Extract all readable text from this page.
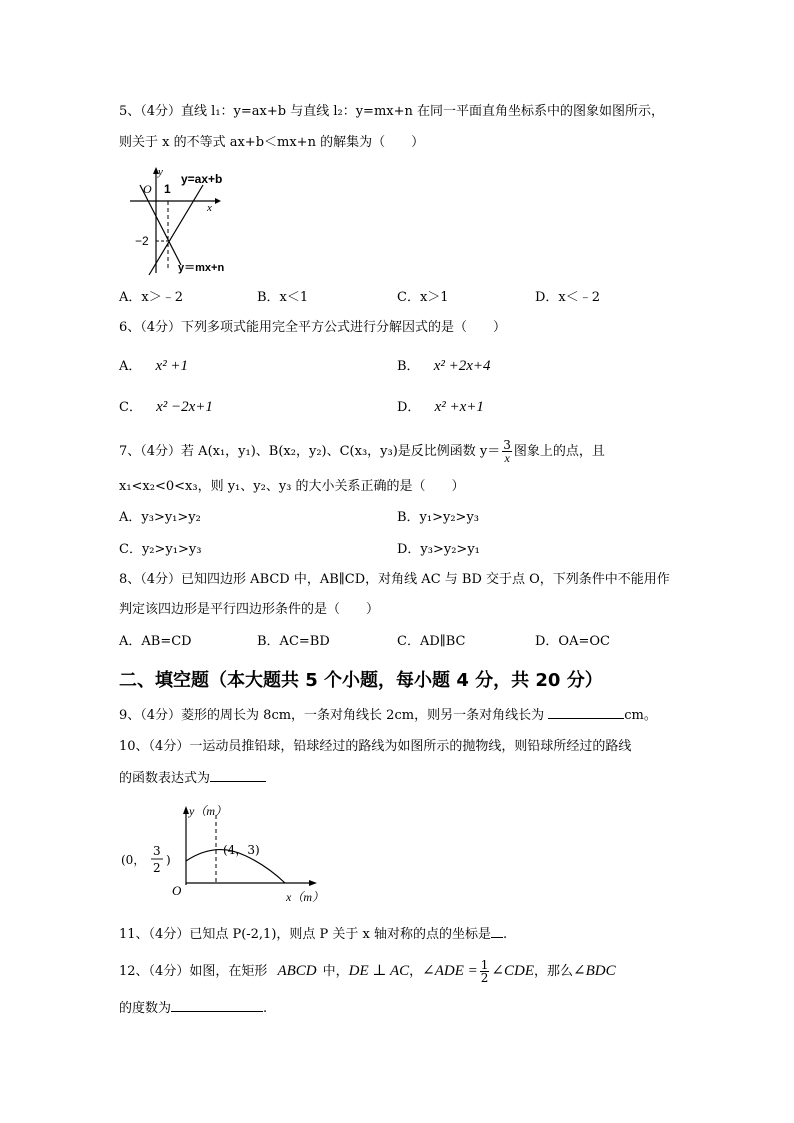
5、（4分）直线 l₁：y=ax+b 与直线 l₂：y=mx+n 在同一平面直角坐标系中的图象如图所示，
则关于 x 的不等式 ax+b＜mx+n 的解集为（　　）
y
x
O 1
−2
y=ax+b
y＝mx+n
A．x＞﹣2	B．x＜1	C．x＞1	D．x＜﹣2
6、（4分）下列多项式能用完全平方公式进行分解因式的是（　　）
A． x² +1	B． x² +2x+4
C． x² −2x+1	D． x² +x+1
7、（4分）若 A(x₁，y₁)、B(x₂，y₂)、C(x₃，y₃)是反比例函数 $y= \frac{3}{x}$ 图象上的点，且
x₁<x₂<0<x₃，则 y₁、y₂、y₃ 的大小关系正确的是（　　）
A．y₃>y₁>y₂	B．y₁>y₂>y₃
C．y₂>y₁>y₃	D．y₃>y₂>y₁
8、（4分）已知四边形 ABCD 中，AB∥CD，对角线 AC 与 BD 交于点 O，下列条件中不能用作
判定该四边形是平行四边形条件的是（　　）
A．AB=CD	B．AC=BD	C．AD∥BC	D．OA=OC
二、填空题（本大题共 5 个小题，每小题 4 分，共 20 分）
9、（4分）菱形的周长为 8cm，一条对角线长 2cm，则另一条对角线长为	cm。
10、（4分）一运动员推铅球，铅球经过的路线为如图所示的抛物线，则铅球所经过的路线
的函数表达式为
y（m）
x（m）
O
(4，3)
(0，
3
2
)
11、（4分）已知点 P(-2,1)，则点 P 关于 x 轴对称的点的坐标是 .
12、（4分）如图，在矩形 ABCD 中，DE ⊥ AC，∠ADE = $\frac{1}{2}$ ∠CDE，那么∠BDC
的度数为	.
